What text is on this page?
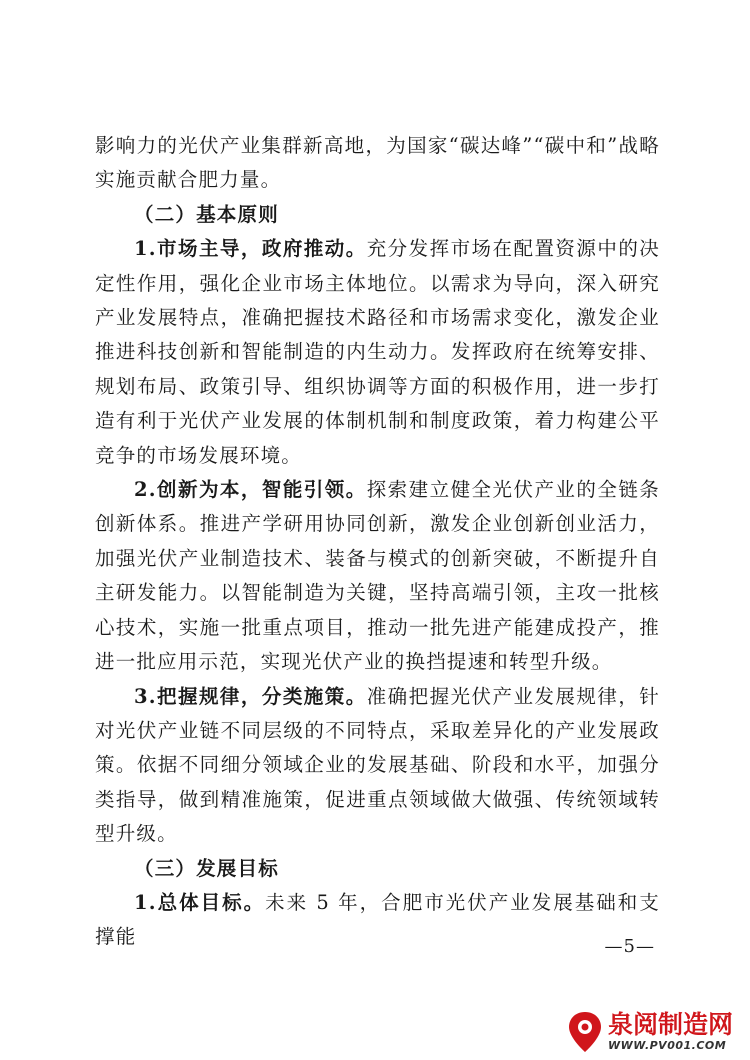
影响力的光伏产业集群新高地，为国家“碳达峰”“碳中和”战略实施贡献合肥力量。

（二）基本原则

1.市场主导，政府推动。充分发挥市场在配置资源中的决定性作用，强化企业市场主体地位。以需求为导向，深入研究产业发展特点，准确把握技术路径和市场需求变化，激发企业推进科技创新和智能制造的内生动力。发挥政府在统筹安排、规划布局、政策引导、组织协调等方面的积极作用，进一步打造有利于光伏产业发展的体制机制和制度政策，着力构建公平竞争的市场发展环境。

2.创新为本，智能引领。探索建立健全光伏产业的全链条创新体系。推进产学研用协同创新，激发企业创新创业活力，加强光伏产业制造技术、装备与模式的创新突破，不断提升自主研发能力。以智能制造为关键，坚持高端引领，主攻一批核心技术，实施一批重点项目，推动一批先进产能建成投产，推进一批应用示范，实现光伏产业的换挡提速和转型升级。

3.把握规律，分类施策。准确把握光伏产业发展规律，针对光伏产业链不同层级的不同特点，采取差异化的产业发展政策。依据不同细分领域企业的发展基础、阶段和水平，加强分类指导，做到精准施策，促进重点领域做大做强、传统领域转型升级。

（三）发展目标

1.总体目标。未来 5 年，合肥市光伏产业发展基础和支撑能	—5—
泉阅制造网
WWW.PV001.COM
